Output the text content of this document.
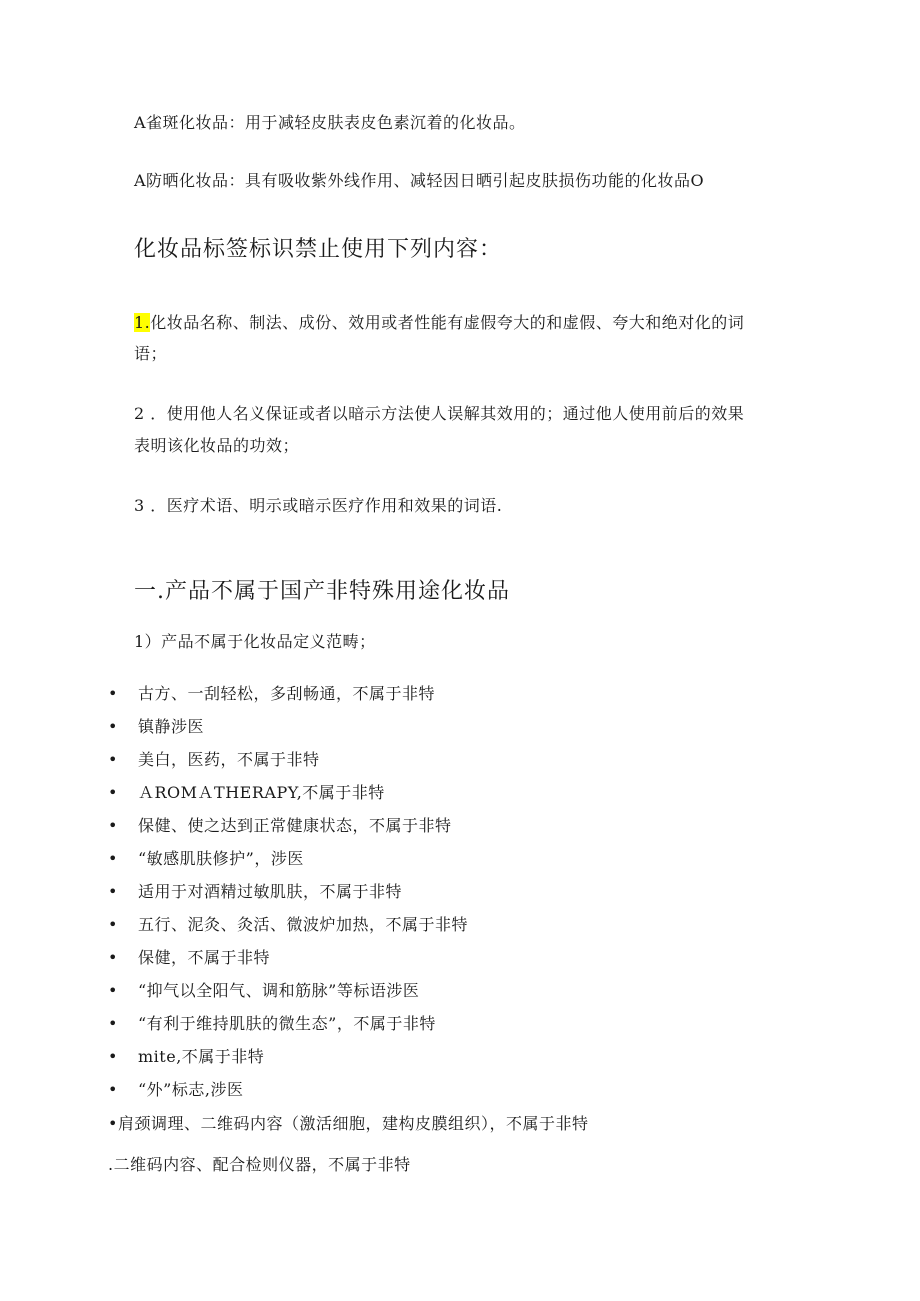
A雀斑化妆品：用于减轻皮肤表皮色素沉着的化妆品。
A防晒化妆品：具有吸收紫外线作用、减轻因日晒引起皮肤损伤功能的化妆品O
化妆品标签标识禁止使用下列内容：
1.化妆品名称、制法、成份、效用或者性能有虚假夸大的和虚假、夸大和绝对化的词
语；
2 ．使用他人名义保证或者以暗示方法使人误解其效用的；通过他人使用前后的效果
表明该化妆品的功效；
3 ．医疗术语、明示或暗示医疗作用和效果的词语.
一.产品不属于国产非特殊用途化妆品
1）产品不属于化妆品定义范畴；
• 古方、一刮轻松，多刮畅通，不属于非特
• 镇静涉医
• 美白，医药，不属于非特
• ＡROMＡTHERAPY,不属于非特
• 保健、使之达到正常健康状态，不属于非特
• “敏感肌肤修护”，涉医
• 适用于对酒精过敏肌肤，不属于非特
• 五行、泥灸、灸活、微波炉加热，不属于非特
• 保健，不属于非特
• “抑气以全阳气、调和筋脉”等标语涉医
• “有利于维持肌肤的微生态”，不属于非特
• mite,不属于非特
• “外”标志,涉医
•肩颈调理、二维码内容（激活细胞，建构皮膜组织），不属于非特
.二维码内容、配合检则仪器，不属于非特
